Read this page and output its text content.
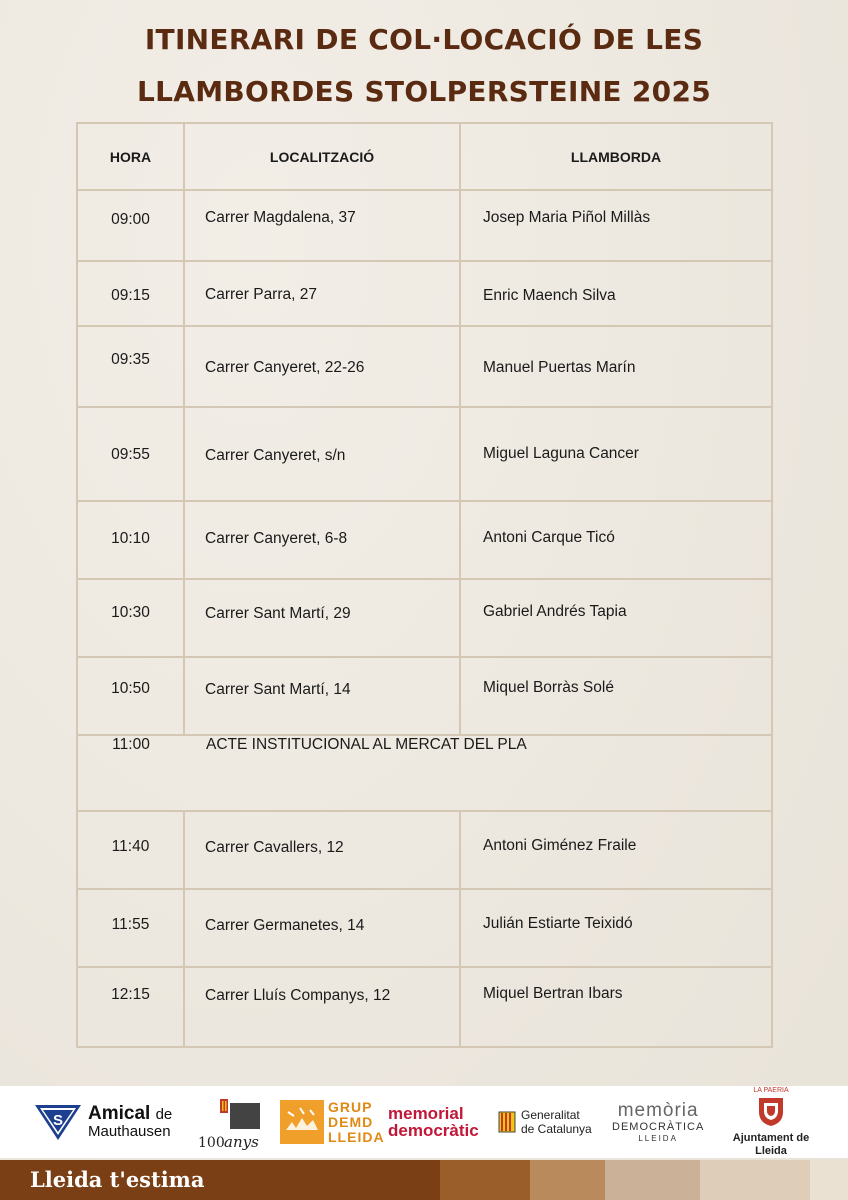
ITINERARI DE COL·LOCACIÓ DE LES
LLAMBORDES STOLPERSTEINE 2025
HORA	LOCALITZACIÓ	LLAMBORDA

09:00	Carrer Magdalena, 37	Josep Maria Piñol Millàs

09:15	Carrer Parra, 27	Enric Maench Silva

09:35	Carrer Canyeret, 22-26	Manuel Puertas Marín

09:55	Carrer Canyeret, s/n	Miguel Laguna Cancer

10:10	Carrer Canyeret, 6-8	Antoni Carque Ticó

10:30	Carrer Sant Martí, 29	Gabriel Andrés Tapia

10:50	Carrer Sant Martí, 14	Miquel Borràs Solé

11:00	ACTE INSTITUCIONAL AL MERCAT DEL PLA	

11:40	Carrer Cavallers, 12	Antoni Giménez Fraile

11:55	Carrer Germanetes, 14	Julián Estiarte Teixidó

12:15	Carrer Lluís Companys, 12	Miquel Bertran Ibars
S Amical de
Mauthausen
100 anys
GRUP
DEMD
LLEIDA
memorial
democràtic
Generalitat
de Catalunya
memòria
DEMOCRÀTICA
LLEIDA
LA PAERIA
Ajuntament de Lleida
Lleida t'estima
